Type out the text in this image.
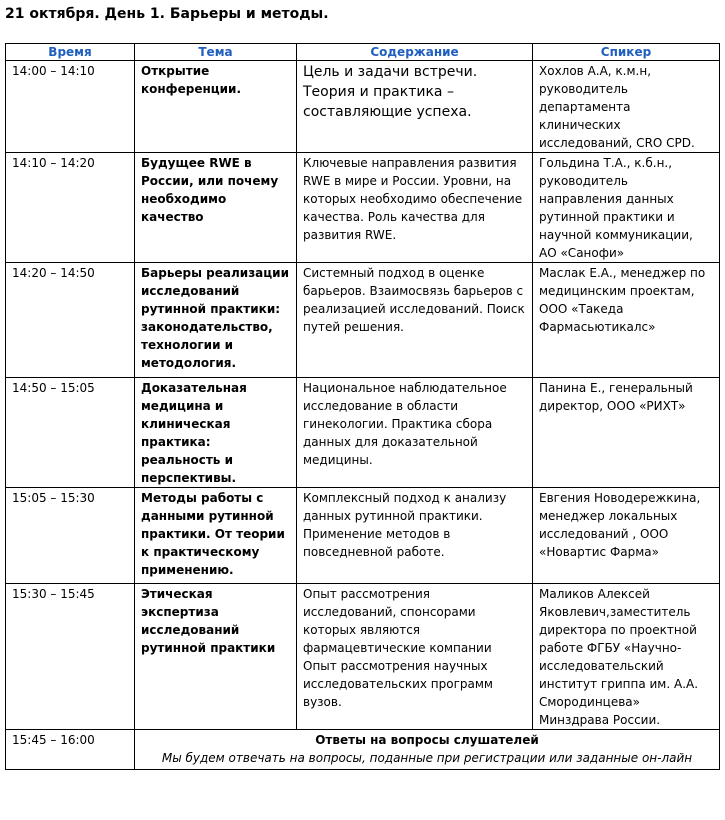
21 октября. День 1. Барьеры и методы.
Время	Тема	Содержание	Спикер
14:00 – 14:10	Открытие конференции.	Цель и задачи встречи. Теория и практика – составляющие успеха.	Хохлов А.А, к.м.н, руководитель департамента клинических исследований, CRO CPD.
14:10 – 14:20	Будущее RWE в России, или почему необходимо качество	Ключевые направления развития RWE в мире и России. Уровни, на которых необходимо обеспечение качества. Роль качества для развития RWE.	Гольдина Т.А., к.б.н., руководитель направления данных рутинной практики и научной коммуникации, АО «Санофи»
14:20 – 14:50	Барьеры реализации исследований рутинной практики: законодательство, технологии и методология.	Системный подход в оценке барьеров. Взаимосвязь барьеров с реализацией исследований. Поиск путей решения.	Маслак Е.А., менеджер по медицинским проектам, ООО «Такеда Фармасьютикалс»
14:50 – 15:05	Доказательная медицина и клиническая практика: реальность и перспективы.	Национальное наблюдательное исследование в области гинекологии. Практика сбора данных для доказательной медицины.	Панина Е., генеральный директор, ООО «РИХТ»
15:05 – 15:30	Методы работы с данными рутинной практики. От теории к практическому применению.	Комплексный подход к анализу данных рутинной практики. Применение методов в повседневной работе.	Евгения Новодережкина, менеджер локальных исследований , ООО «Новартис Фарма»
15:30 – 15:45	Этическая экспертиза исследований рутинной практики	Опыт рассмотрения исследований, спонсорами которых являются фармацевтические компании Опыт рассмотрения научных исследовательских программ вузов.	Маликов Алексей Яковлевич,заместитель директора по проектной работе ФГБУ «Научно-исследовательский институт гриппа им. А.А. Смородинцева» Минздрава России.
15:45 – 16:00	Ответы на вопросы слушателей
Мы будем отвечать на вопросы, поданные при регистрации или заданные он-лайн		
